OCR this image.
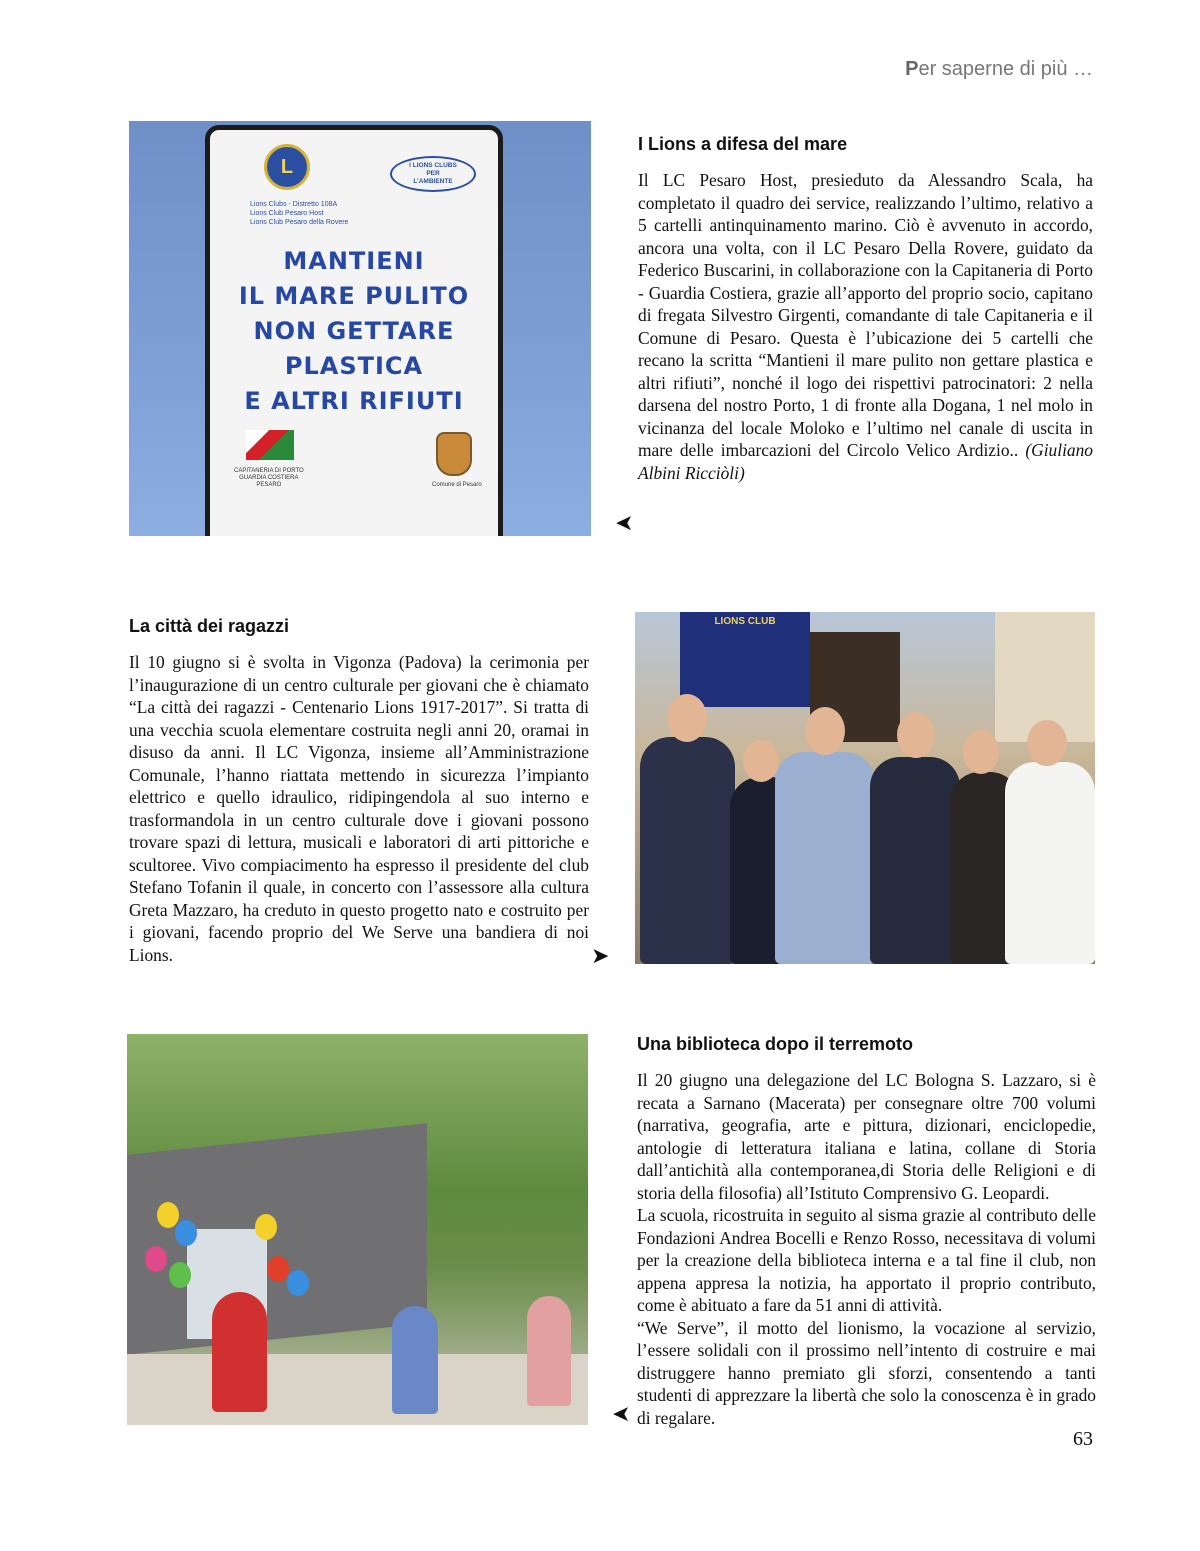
Per saperne di più …
L
Lions Clubs - Distretto 108A
Lions Club Pesaro Host
Lions Club Pesaro della Rovere
I LIONS CLUBS
PER
L’AMBIENTE
MANTIENI
IL MARE PULITO
NON GETTARE
PLASTICA
E ALTRI RIFIUTI
CAPITANERIA DI PORTO
GUARDIA COSTIERA
PESARO	Comune di Pesaro
I Lions a difesa del mare

Il LC Pesaro Host, presieduto da Alessandro Scala, ha completato il quadro dei service, realizzando l’ultimo, relativo a 5 cartelli antinquinamento marino. Ciò è avvenuto in accordo, ancora una volta, con il LC Pesaro Della Rovere, guidato da Federico Buscarini, in collaborazione con la Capitaneria di Porto - Guardia Costiera, grazie all’apporto del proprio socio, capitano di fregata Silvestro Girgenti, comandante di tale Capitaneria e il Comune di Pesaro. Questa è l’ubicazione dei 5 cartelli che recano la scritta “Mantieni il mare pulito non gettare plastica e altri rifiuti”, nonché il logo dei rispettivi patrocinatori: 2 nella darsena del nostro Porto, 1 di fronte alla Dogana, 1 nel molo in vicinanza del locale Moloko e l’ultimo nel canale di uscita in mare delle imbarcazioni del Circolo Velico Ardizio.. (Giuliano Albini Ricciòli)

➤
La città dei ragazzi

Il 10 giugno si è svolta in Vigonza (Padova) la cerimonia per l’inaugurazione di un centro culturale per giovani che è chiamato “La città dei ragazzi - Centenario Lions 1917-2017”. Si tratta di una vecchia scuola elementare costruita negli anni 20, oramai in disuso da anni. Il LC Vigonza, insieme all’Amministrazione Comunale, l’hanno riattata mettendo in sicurezza l’impianto elettrico e quello idraulico, ridipingendola al suo interno e trasformandola in un centro culturale dove i giovani possono trovare spazi di lettura, musicali e laboratori di arti pittoriche e scultoree. Vivo compiacimento ha espresso il presidente del club Stefano Tofanin il quale, in concerto con l’assessore alla cultura Greta Mazzaro, ha creduto in questo progetto nato e costruito per i giovani, facendo proprio del We Serve una bandiera di noi Lions.	➤
LIONS CLUB
Una biblioteca dopo il terremoto

Il 20 giugno una delegazione del LC Bologna S. Lazzaro, si è recata a Sarnano (Macerata) per consegnare oltre 700 volumi (narrativa, geografia, arte e pittura, dizionari, enciclopedie, antologie di letteratura italiana e latina, collane di Storia dall’antichità alla contemporanea,di Storia delle Religioni e di storia della filosofia) all’Istituto Comprensivo G. Leopardi.

La scuola, ricostruita in seguito al sisma grazie al contributo delle Fondazioni Andrea Bocelli e Renzo Rosso, necessitava di volumi per la creazione della biblioteca interna e a tal fine il club, non appena appresa la notizia, ha apportato il proprio contributo, come è abituato a fare da 51 anni di attività.

“We Serve”, il motto del lionismo, la vocazione al servizio, l’essere solidali con il prossimo nell’intento di costruire e mai distruggere hanno premiato gli sforzi, consentendo a tanti studenti di apprezzare la libertà che solo la conoscenza è in grado di regalare.

➤
63
